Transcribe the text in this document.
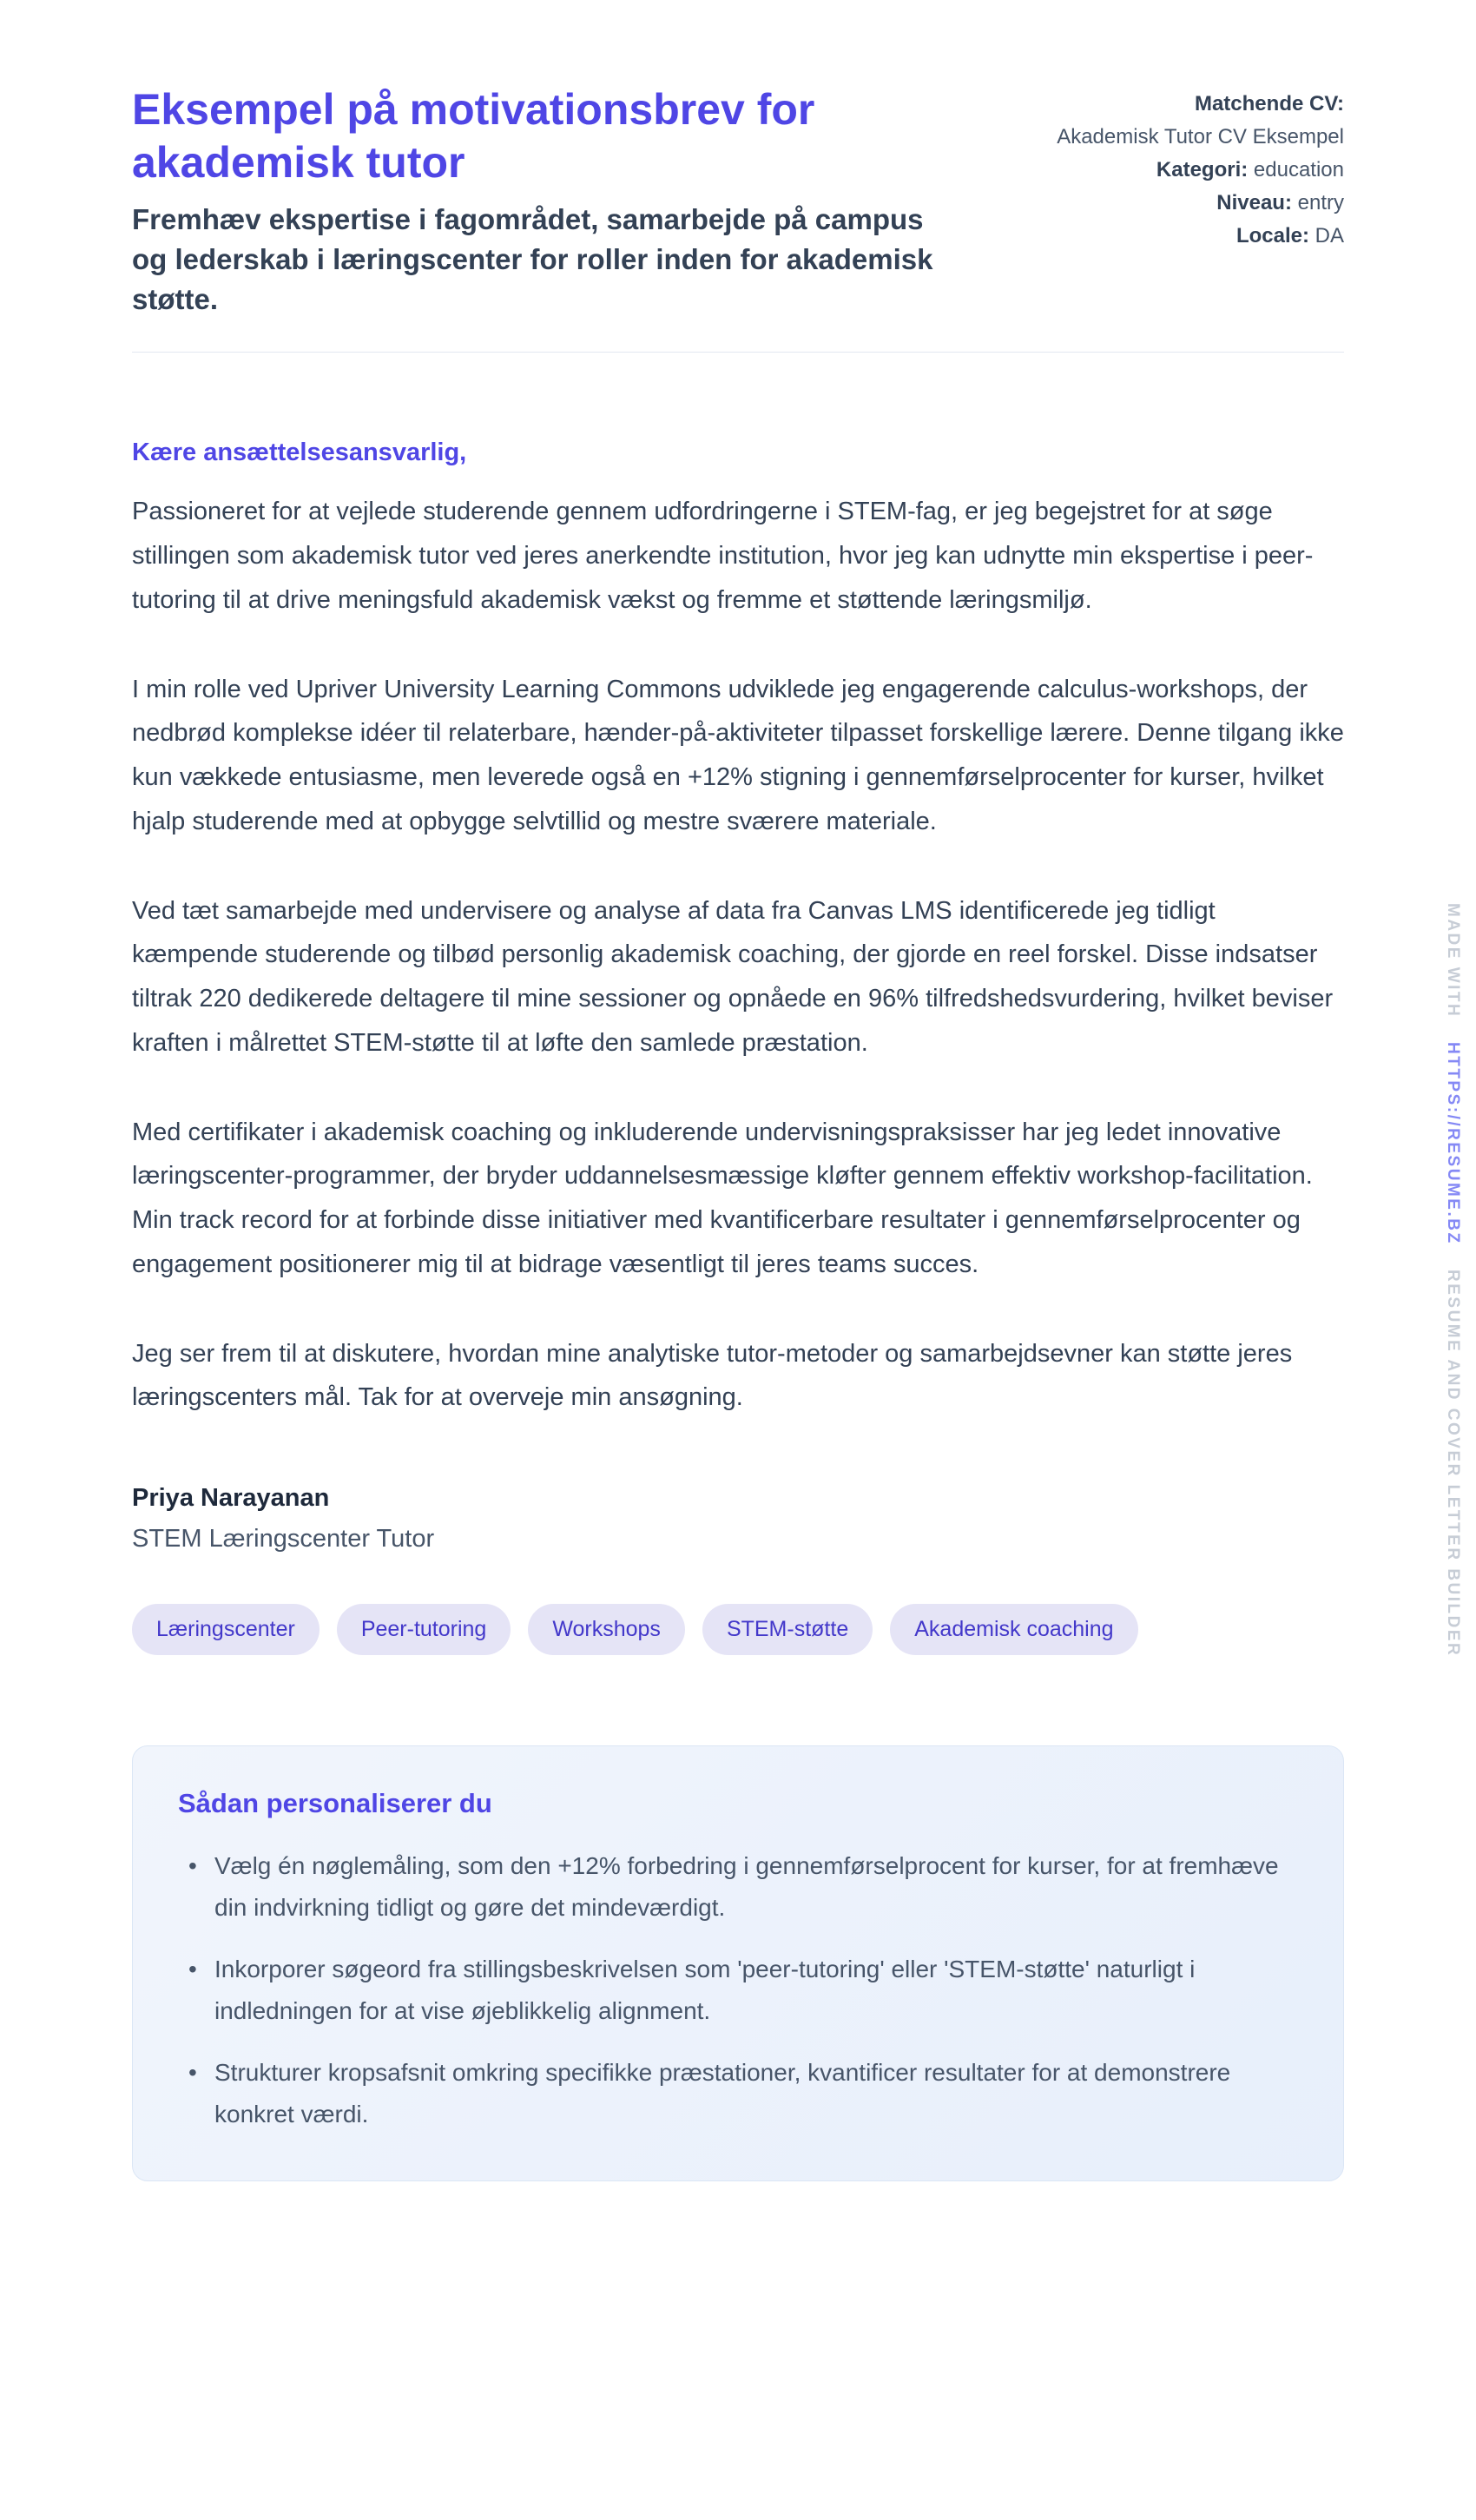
MADE WITH
HTTPS://RESUME.BZ
RESUME AND COVER LETTER BUILDER
Eksempel på motivationsbrev for akademisk tutor

Fremhæv ekspertise i fagområdet, samarbejde på campus og lederskab i læringscenter for roller inden for akademisk støtte.

Matchende CV:
Akademisk Tutor CV Eksempel
Kategori: education
Niveau: entry
Locale: DA

Kære ansættelsesansvarlig,

Passioneret for at vejlede studerende gennem udfordringerne i STEM-fag, er jeg begejstret for at søge stillingen som akademisk tutor ved jeres anerkendte institution, hvor jeg kan udnytte min ekspertise i peer-tutoring til at drive meningsfuld akademisk vækst og fremme et støttende læringsmiljø.

I min rolle ved Upriver University Learning Commons udviklede jeg engagerende calculus-workshops, der nedbrød komplekse idéer til relaterbare, hænder-på-aktiviteter tilpasset forskellige lærere. Denne tilgang ikke kun vækkede entusiasme, men leverede også en +12% stigning i gennemførselprocenter for kurser, hvilket hjalp studerende med at opbygge selvtillid og mestre sværere materiale.

Ved tæt samarbejde med undervisere og analyse af data fra Canvas LMS identificerede jeg tidligt kæmpende studerende og tilbød personlig akademisk coaching, der gjorde en reel forskel. Disse indsatser tiltrak 220 dedikerede deltagere til mine sessioner og opnåede en 96% tilfredshedsvurdering, hvilket beviser kraften i målrettet STEM-støtte til at løfte den samlede præstation.

Med certifikater i akademisk coaching og inkluderende undervisningspraksisser har jeg ledet innovative læringscenter-programmer, der bryder uddannelsesmæssige kløfter gennem effektiv workshop-facilitation. Min track record for at forbinde disse initiativer med kvantificerbare resultater i gennemførselprocenter og engagement positionerer mig til at bidrage væsentligt til jeres teams succes.

Jeg ser frem til at diskutere, hvordan mine analytiske tutor-metoder og samarbejdsevner kan støtte jeres læringscenters mål. Tak for at overveje min ansøgning.

Priya Narayanan

STEM Læringscenter Tutor

Læringscenter	Peer-tutoring	Workshops	STEM-støtte	Akademisk coaching
Sådan personaliserer du
• Vælg én nøglemåling, som den +12% forbedring i gennemførselprocent for kurser, for at fremhæve din indvirkning tidligt og gøre det mindeværdigt.
• Inkorporer søgeord fra stillingsbeskrivelsen som 'peer-tutoring' eller 'STEM-støtte' naturligt i indledningen for at vise øjeblikkelig alignment.
• Strukturer kropsafsnit omkring specifikke præstationer, kvantificer resultater for at demonstrere konkret værdi.
